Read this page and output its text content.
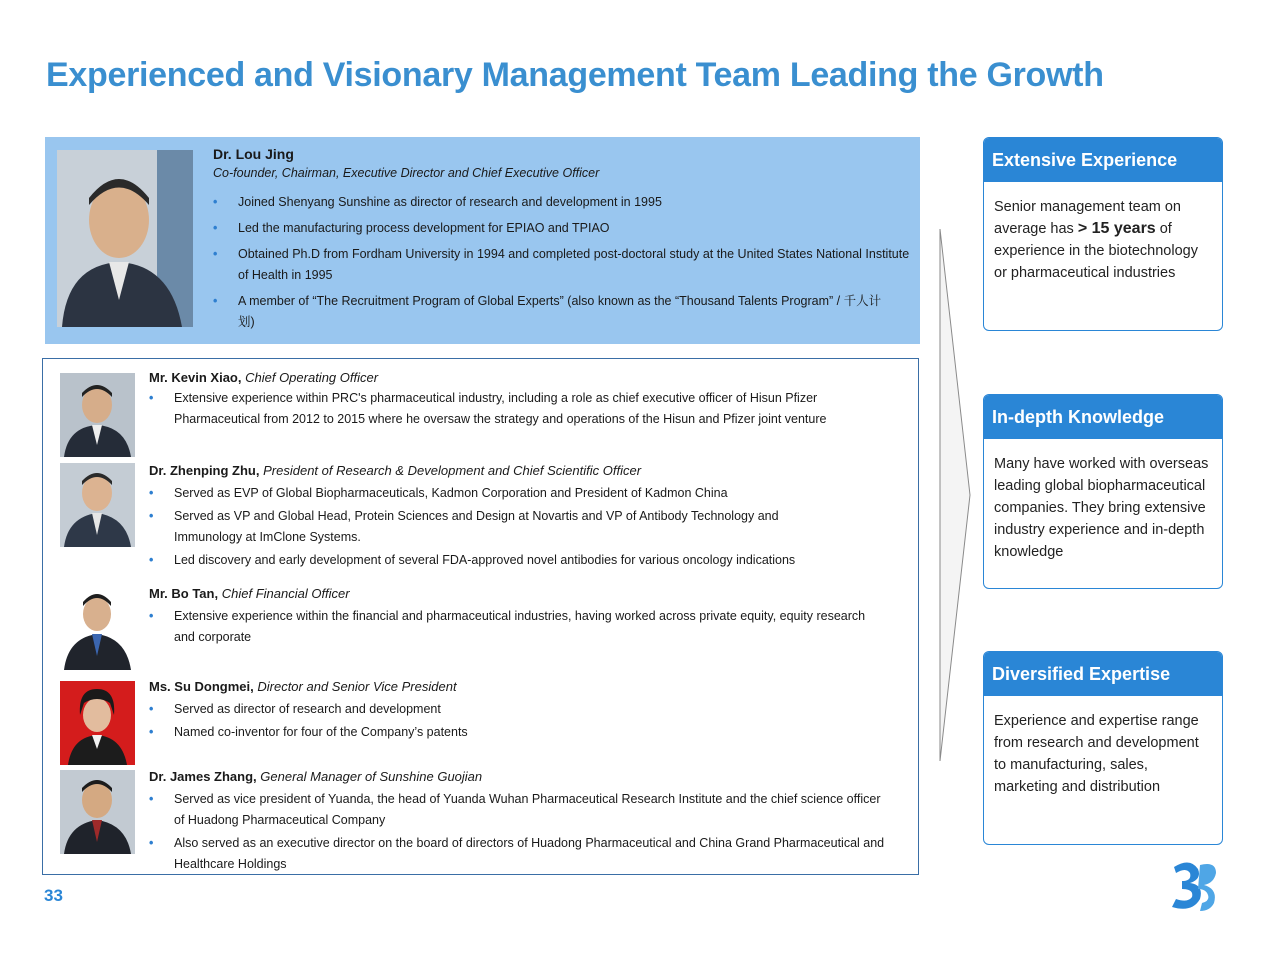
Experienced and Visionary Management Team Leading the Growth
Dr. Lou Jing
Co-founder, Chairman, Executive Director and Chief Executive Officer
• Joined Shenyang Sunshine as director of research and development in 1995
• Led the manufacturing process development for EPIAO and TPIAO
• Obtained Ph.D from Fordham University in 1994 and completed post-doctoral study at the United States National Institute of Health in 1995
• A member of “The Recruitment Program of Global Experts” (also known as the “Thousand Talents Program” / 千人计划)
Mr. Kevin Xiao, Chief Operating Officer
• Extensive experience within PRC's pharmaceutical industry, including a role as chief executive officer of Hisun Pfizer Pharmaceutical from 2012 to 2015 where he oversaw the strategy and operations of the Hisun and Pfizer joint venture
Dr. Zhenping Zhu, President of Research & Development and Chief Scientific Officer
• Served as EVP of Global Biopharmaceuticals, Kadmon Corporation and President of Kadmon China
• Served as VP and Global Head, Protein Sciences and Design at Novartis and VP of Antibody Technology and Immunology at ImClone Systems.
• Led discovery and early development of several FDA-approved novel antibodies for various oncology indications
Mr. Bo Tan, Chief Financial Officer
• Extensive experience within the financial and pharmaceutical industries, having worked across private equity, equity research and corporate
Ms. Su Dongmei, Director and Senior Vice President
• Served as director of research and development
• Named co-inventor for four of the Company’s patents
Dr. James Zhang, General Manager of Sunshine Guojian
• Served as vice president of Yuanda, the head of Yuanda Wuhan Pharmaceutical Research Institute and the chief science officer of Huadong Pharmaceutical Company
• Also served as an executive director on the board of directors of Huadong Pharmaceutical and China Grand Pharmaceutical and Healthcare Holdings
Extensive Experience
Senior management team on average has > 15 years of experience in the biotechnology or pharmaceutical industries
In-depth Knowledge
Many have worked with overseas leading global biopharmaceutical companies. They bring extensive industry experience and in-depth knowledge
Diversified Expertise
Experience and expertise range from research and development to manufacturing, sales, marketing and distribution
33
